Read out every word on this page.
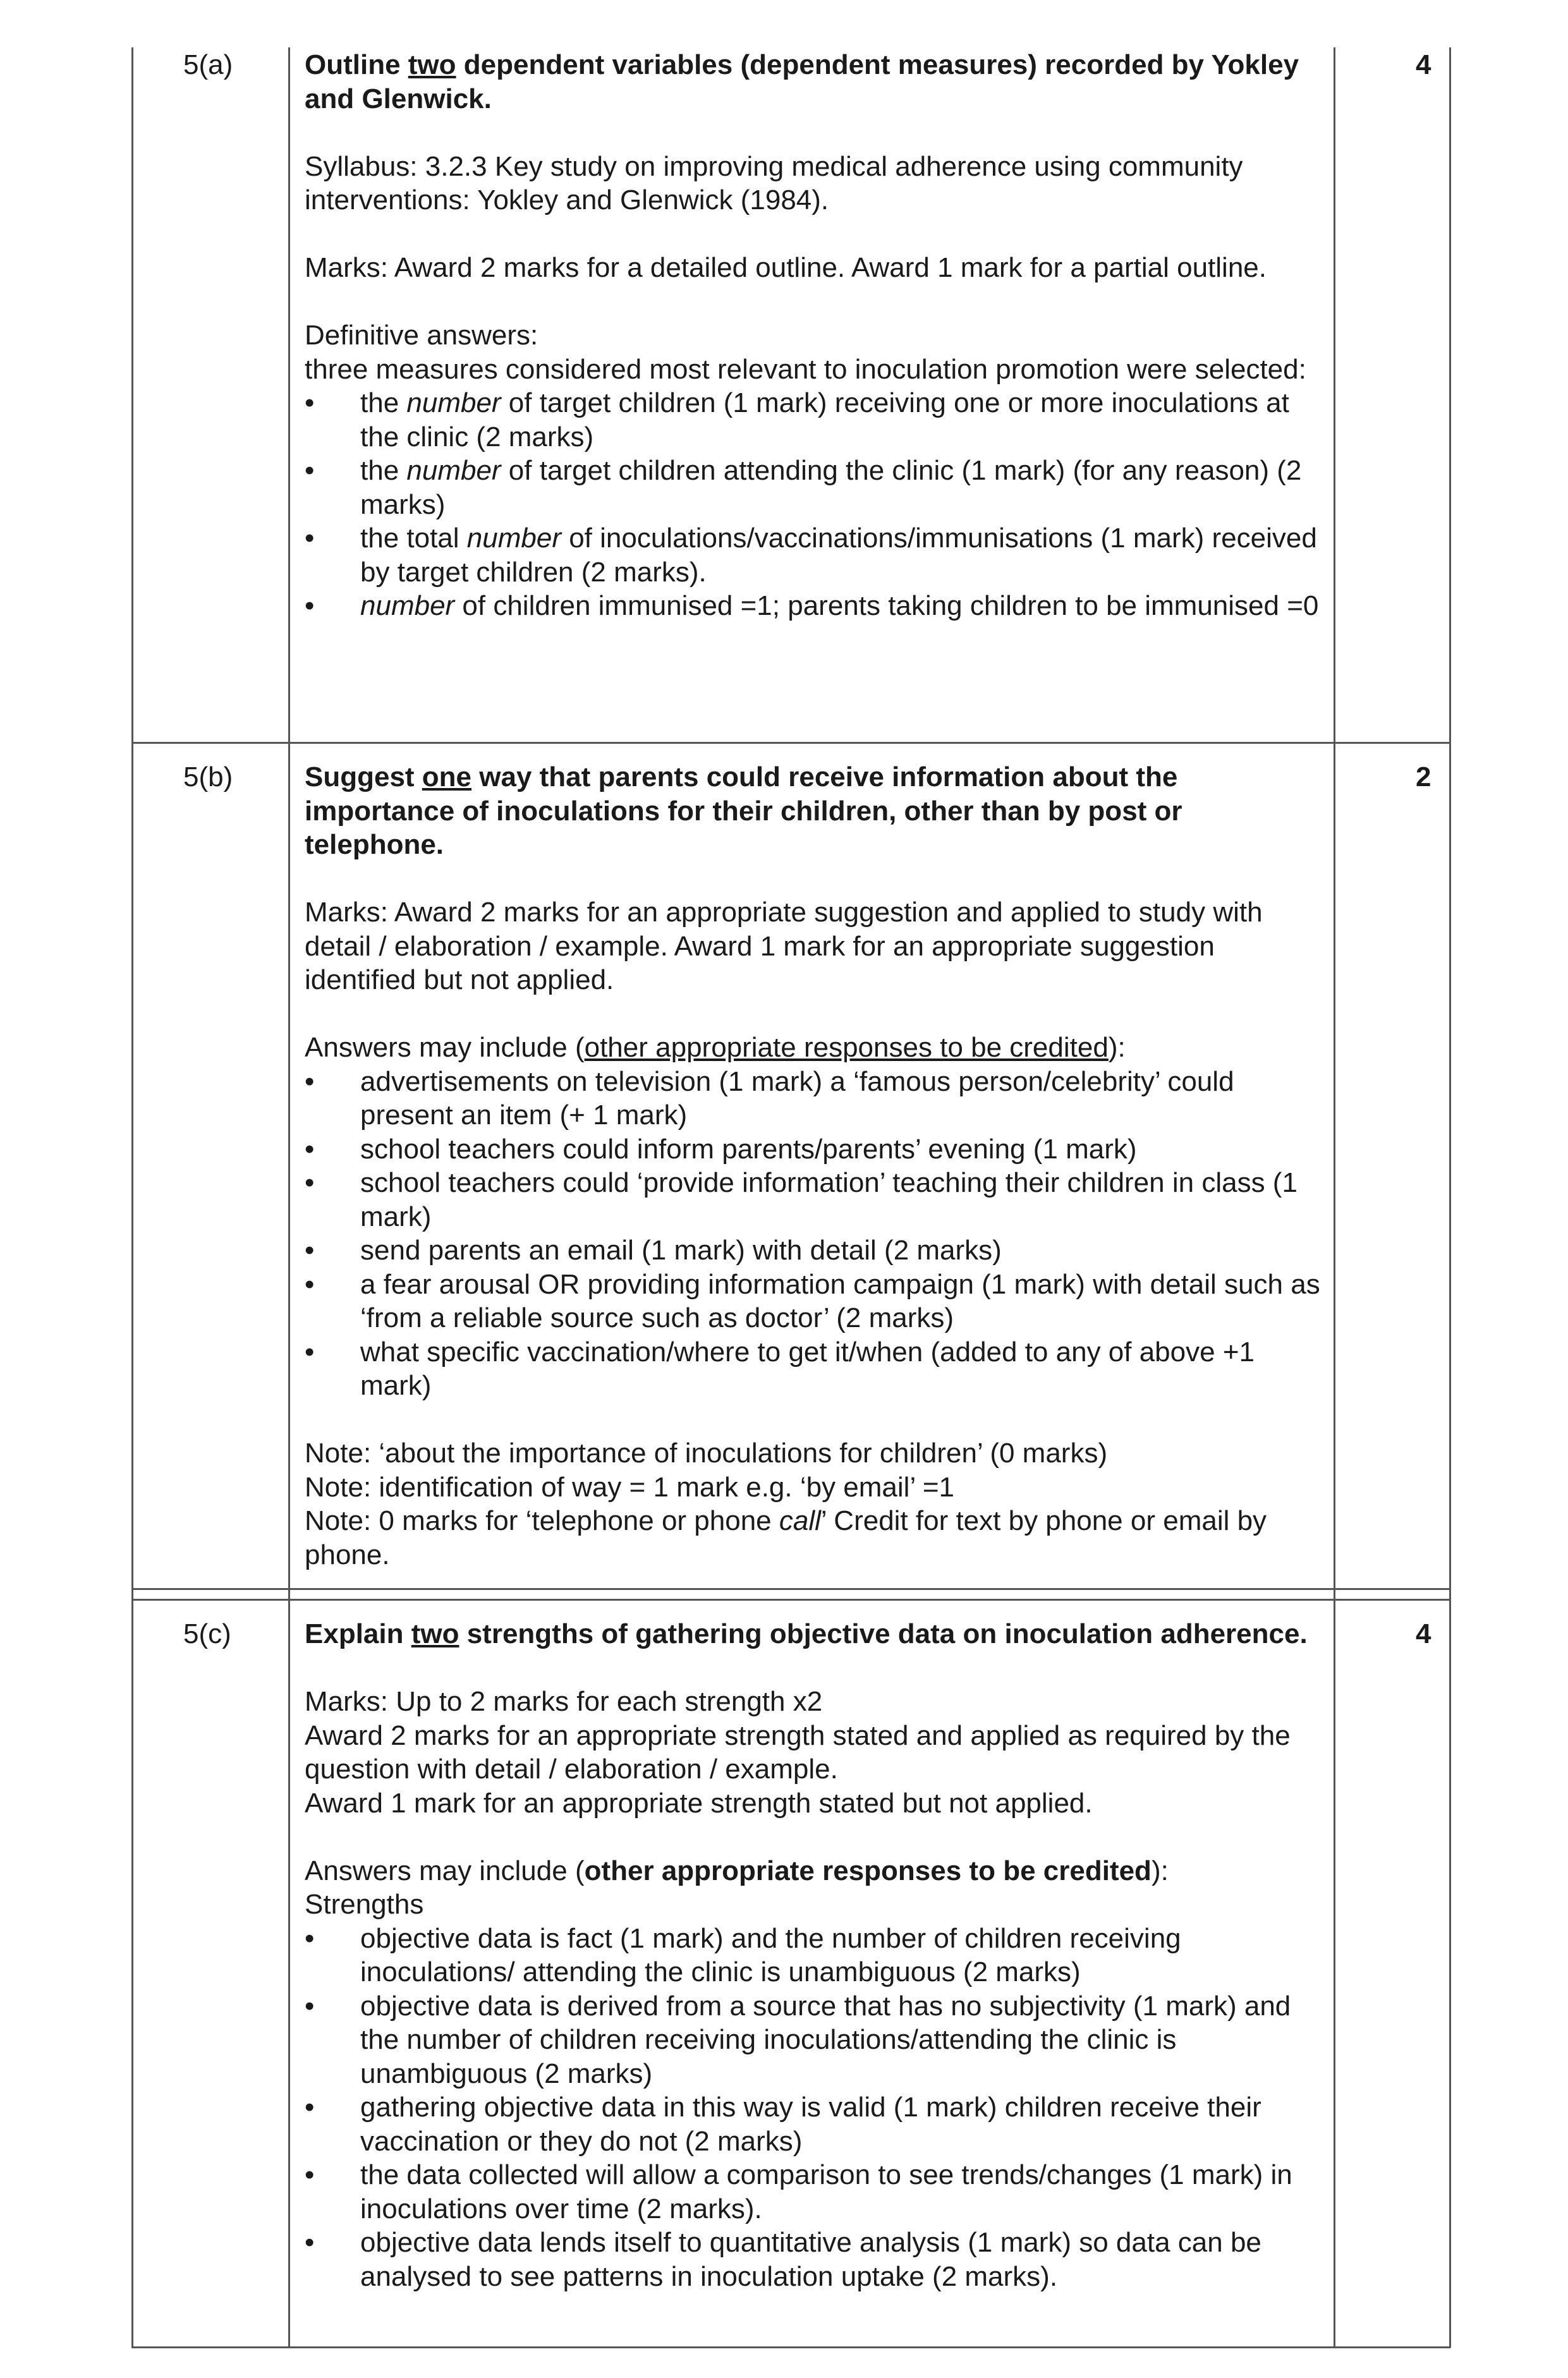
5(a)	4

Outline two dependent variables (dependent measures) recorded by Yokley and Glenwick.

Syllabus: 3.2.3 Key study on improving medical adherence using community interventions: Yokley and Glenwick (1984).

Marks: Award 2 marks for a detailed outline. Award 1 mark for a partial outline.

Definitive answers:

three measures considered most relevant to inoculation promotion were selected:

• the number of target children (1 mark) receiving one or more inoculations at the clinic (2 marks)
• the number of target children attending the clinic (1 mark) (for any reason) (2 marks)
• the total number of inoculations/vaccinations/immunisations (1 mark) received by target children (2 marks).
• number of children immunised =1; parents taking children to be immunised =0
5(b)	2

Suggest one way that parents could receive information about the importance of inoculations for their children, other than by post or telephone.

Marks: Award 2 marks for an appropriate suggestion and applied to study with detail / elaboration / example. Award 1 mark for an appropriate suggestion identified but not applied.

Answers may include (other appropriate responses to be credited):

• advertisements on television (1 mark) a ‘famous person/celebrity’ could present an item (+ 1 mark)
• school teachers could inform parents/parents’ evening (1 mark)
• school teachers could ‘provide information’ teaching their children in class (1 mark)
• send parents an email (1 mark) with detail (2 marks)
• a fear arousal OR providing information campaign (1 mark) with detail such as ‘from a reliable source such as doctor’ (2 marks)
• what specific vaccination/where to get it/when (added to any of above +1 mark)

Note: ‘about the importance of inoculations for children’ (0 marks)

Note: identification of way = 1 mark e.g. ‘by email’ =1

Note: 0 marks for ‘telephone or phone call’ Credit for text by phone or email by phone.

5(c)	4

Explain two strengths of gathering objective data on inoculation adherence.

Marks: Up to 2 marks for each strength x2

Award 2 marks for an appropriate strength stated and applied as required by the question with detail / elaboration / example.

Award 1 mark for an appropriate strength stated but not applied.

Answers may include (other appropriate responses to be credited):

Strengths

• objective data is fact (1 mark) and the number of children receiving inoculations/ attending the clinic is unambiguous (2 marks)
• objective data is derived from a source that has no subjectivity (1 mark) and the number of children receiving inoculations/attending the clinic is unambiguous (2 marks)
• gathering objective data in this way is valid (1 mark) children receive their vaccination or they do not (2 marks)
• the data collected will allow a comparison to see trends/changes (1 mark) in inoculations over time (2 marks).
• objective data lends itself to quantitative analysis (1 mark) so data can be analysed to see patterns in inoculation uptake (2 marks).
